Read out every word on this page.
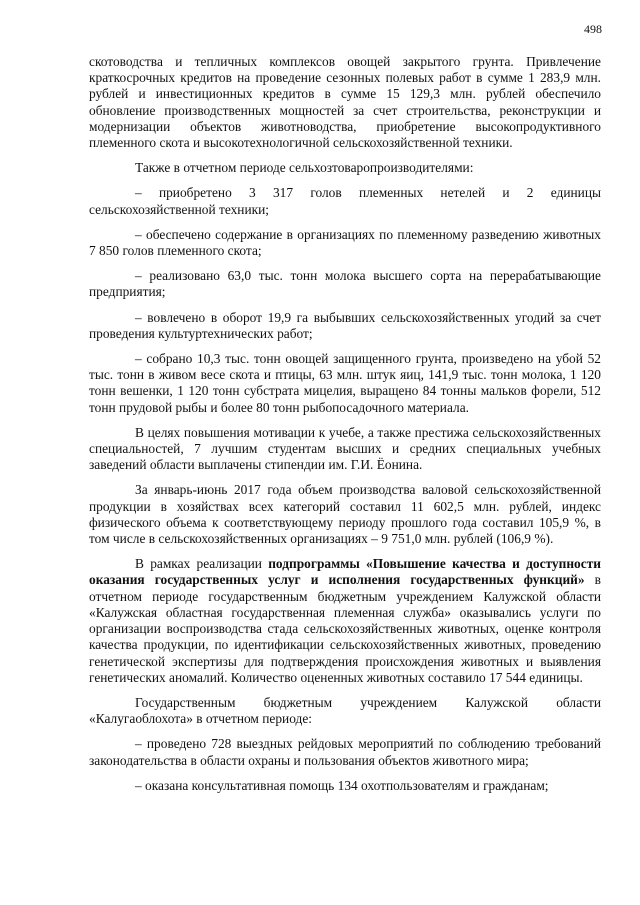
498

скотоводства и тепличных комплексов овощей закрытого грунта. Привлечение краткосрочных кредитов на проведение сезонных полевых работ в сумме 1 283,9 млн. рублей и инвестиционных кредитов в сумме 15 129,3 млн. рублей обеспечило обновление производственных мощностей за счет строительства, реконструкции и модернизации объектов животноводства, приобретение высокопродуктивного племенного скота и высокотехнологичной сельскохозяйственной техники.

Также в отчетном периоде сельхозтоваропроизводителями:

– приобретено 3 317 голов племенных нетелей и 2 единицы сельскохозяйственной техники;

– обеспечено содержание в организациях по племенному разведению животных 7 850 голов племенного скота;

– реализовано 63,0 тыс. тонн молока высшего сорта на перерабатывающие предприятия;

– вовлечено в оборот 19,9 га выбывших сельскохозяйственных угодий за счет проведения культуртехнических работ;

– собрано 10,3 тыс. тонн овощей защищенного грунта, произведено на убой 52 тыс. тонн в живом весе скота и птицы, 63 млн. штук яиц, 141,9 тыс. тонн молока, 1 120 тонн вешенки, 1 120 тонн субстрата мицелия, выращено 84 тонны мальков форели, 512 тонн прудовой рыбы и более 80 тонн рыбопосадочного материала.

В целях повышения мотивации к учебе, а также престижа сельскохозяйственных специальностей, 7 лучшим студентам высших и средних специальных учебных заведений области выплачены стипендии им. Г.И. Ёонина.

За январь-июнь 2017 года объем производства валовой сельскохозяйственной продукции в хозяйствах всех категорий составил 11 602,5 млн. рублей, индекс физического объема к соответствующему периоду прошлого года составил 105,9 %, в том числе в сельскохозяйственных организациях – 9 751,0 млн. рублей (106,9 %).

В рамках реализации подпрограммы «Повышение качества и доступности оказания государственных услуг и исполнения государственных функций» в отчетном периоде государственным бюджетным учреждением Калужской области «Калужская областная государственная племенная служба» оказывались услуги по организации воспроизводства стада сельскохозяйственных животных, оценке контроля качества продукции, по идентификации сельскохозяйственных животных, проведению генетической экспертизы для подтверждения происхождения животных и выявления генетических аномалий. Количество оцененных животных составило 17 544 единицы.

Государственным бюджетным учреждением Калужской области «Калугаоблохота» в отчетном периоде:

– проведено 728 выездных рейдовых мероприятий по соблюдению требований законодательства в области охраны и пользования объектов животного мира;

– оказана консультативная помощь 134 охотпользователям и гражданам;
